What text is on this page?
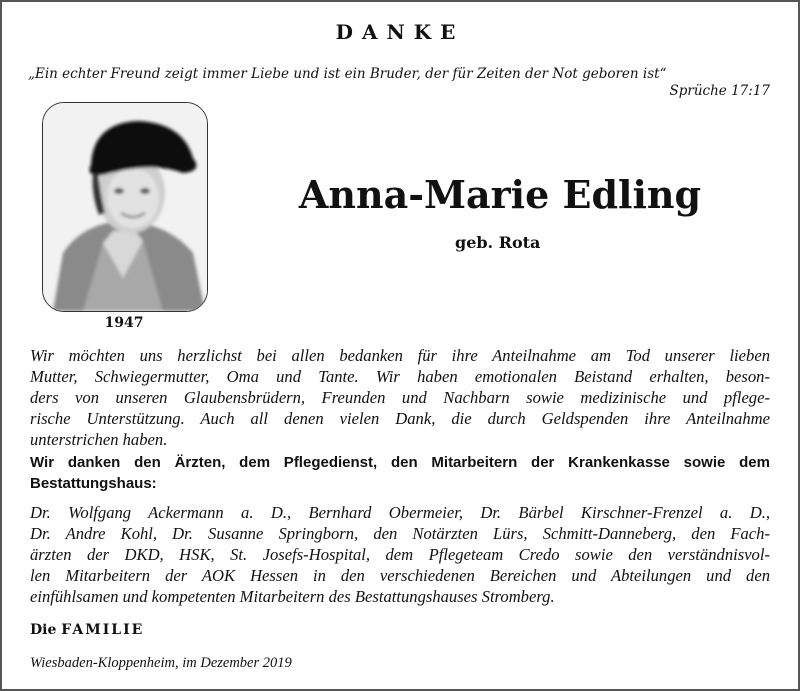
DANKE
„Ein echter Freund zeigt immer Liebe und ist ein Bruder, der für Zeiten der Not geboren ist“
Sprüche 17:17
1947
Anna-Marie Edling
geb. Rota
Wir möchten uns herzlichst bei allen bedanken für ihre Anteilnahme am Tod unserer lieben
Mutter, Schwiegermutter, Oma und Tante. Wir haben emotionalen Beistand erhalten, beson-
ders von unseren Glaubensbrüdern, Freunden und Nachbarn sowie medizinische und pflege-
rische Unterstützung. Auch all denen vielen Dank, die durch Geldspenden ihre Anteilnahme
unterstrichen haben.
Wir danken den Ärzten, dem Pflegedienst, den Mitarbeitern der Krankenkasse sowie dem
Bestattungshaus:
Dr. Wolfgang Ackermann a. D., Bernhard Obermeier, Dr. Bärbel Kirschner-Frenzel a. D.,
Dr. Andre Kohl, Dr. Susanne Springborn, den Notärzten Lürs, Schmitt-Danneberg, den Fach-
ärzten der DKD, HSK, St. Josefs-Hospital, dem Pflegeteam Credo sowie den verständnisvol-
len Mitarbeitern der AOK Hessen in den verschiedenen Bereichen und Abteilungen und den
einfühlsamen und kompetenten Mitarbeitern des Bestattungshauses Stromberg.
Die FAMILIE
Wiesbaden-Kloppenheim, im Dezember 2019
